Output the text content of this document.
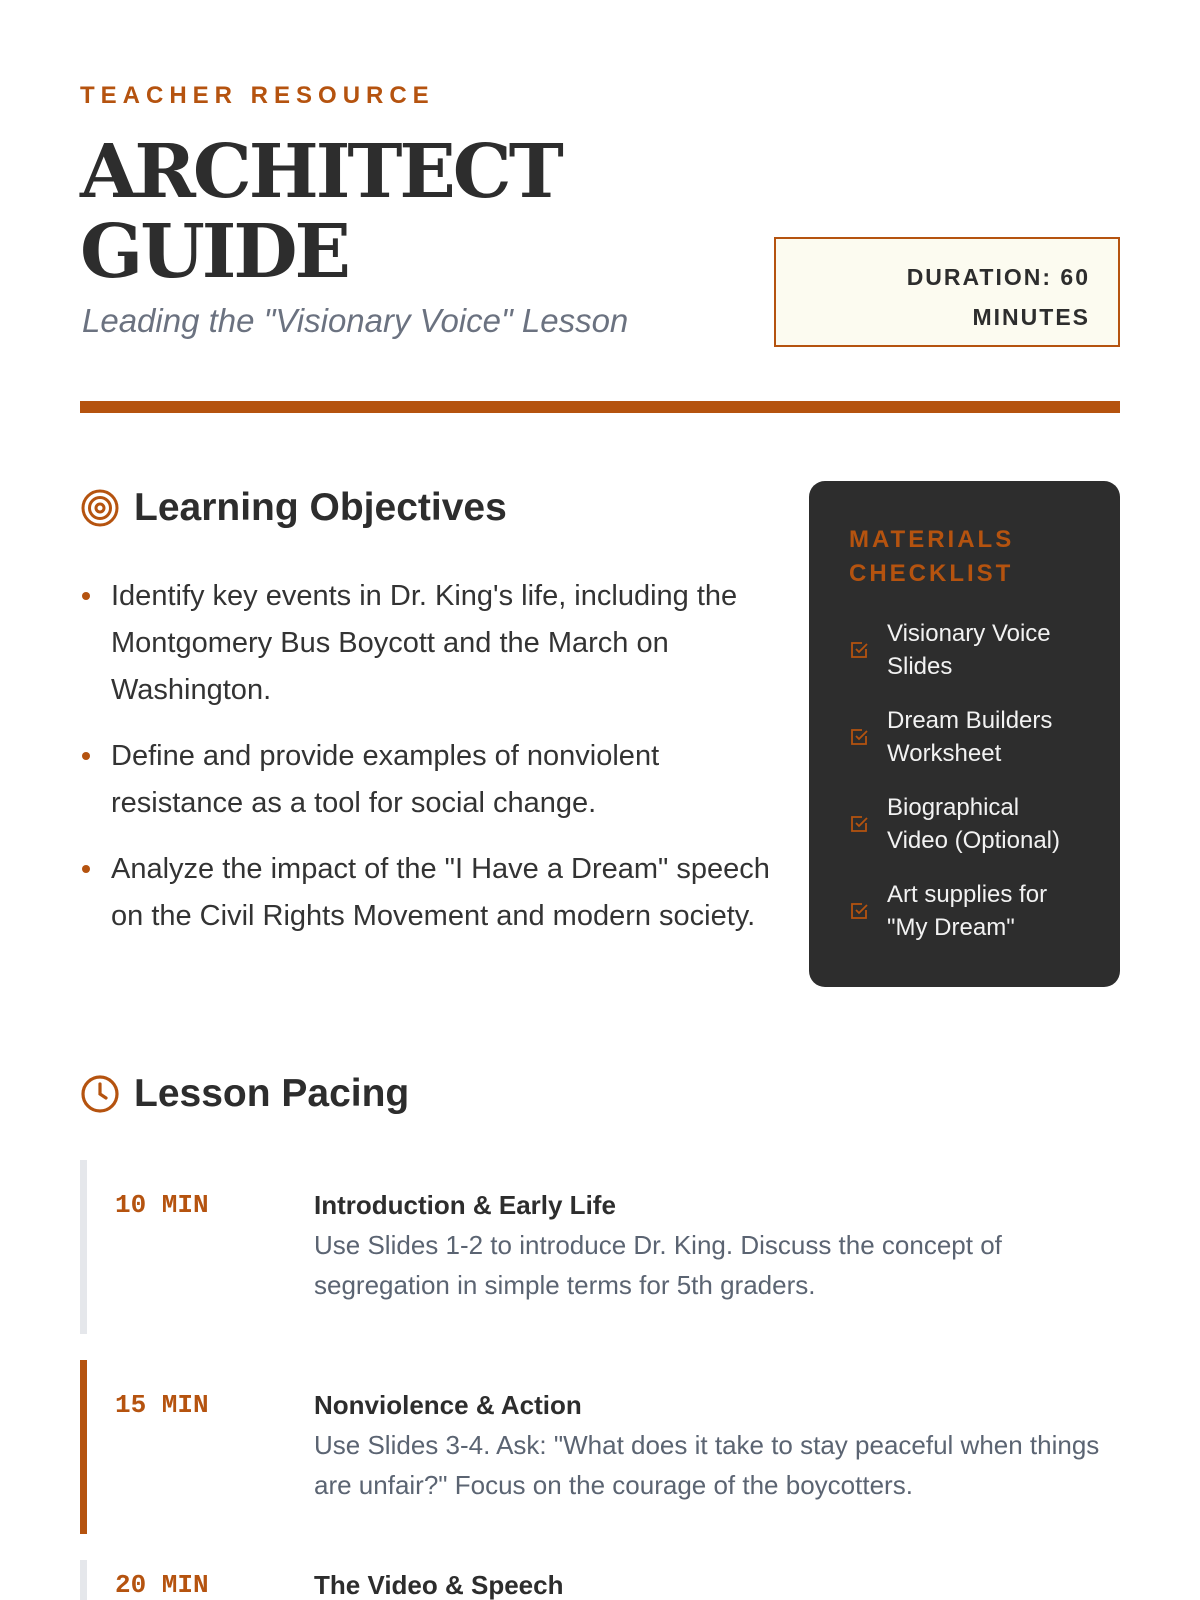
TEACHER RESOURCE
ARCHITECT
GUIDE
Leading the "Visionary Voice" Lesson
DURATION: 60
MINUTES
Learning Objectives
Identify key events in Dr. King's life, including the Montgomery Bus Boycott and the March on Washington.
Define and provide examples of nonviolent resistance as a tool for social change.
Analyze the impact of the "I Have a Dream" speech on the Civil Rights Movement and modern society.
MATERIALS CHECKLIST
Visionary Voice Slides
Dream Builders Worksheet
Biographical Video (Optional)
Art supplies for "My Dream"
Lesson Pacing
10 MIN	Introduction & Early Life
Use Slides 1-2 to introduce Dr. King. Discuss the concept of segregation in simple terms for 5th graders.
15 MIN	Nonviolence & Action
Use Slides 3-4. Ask: "What does it take to stay peaceful when things are unfair?" Focus on the courage of the boycotters.
20 MIN	The Video & Speech
